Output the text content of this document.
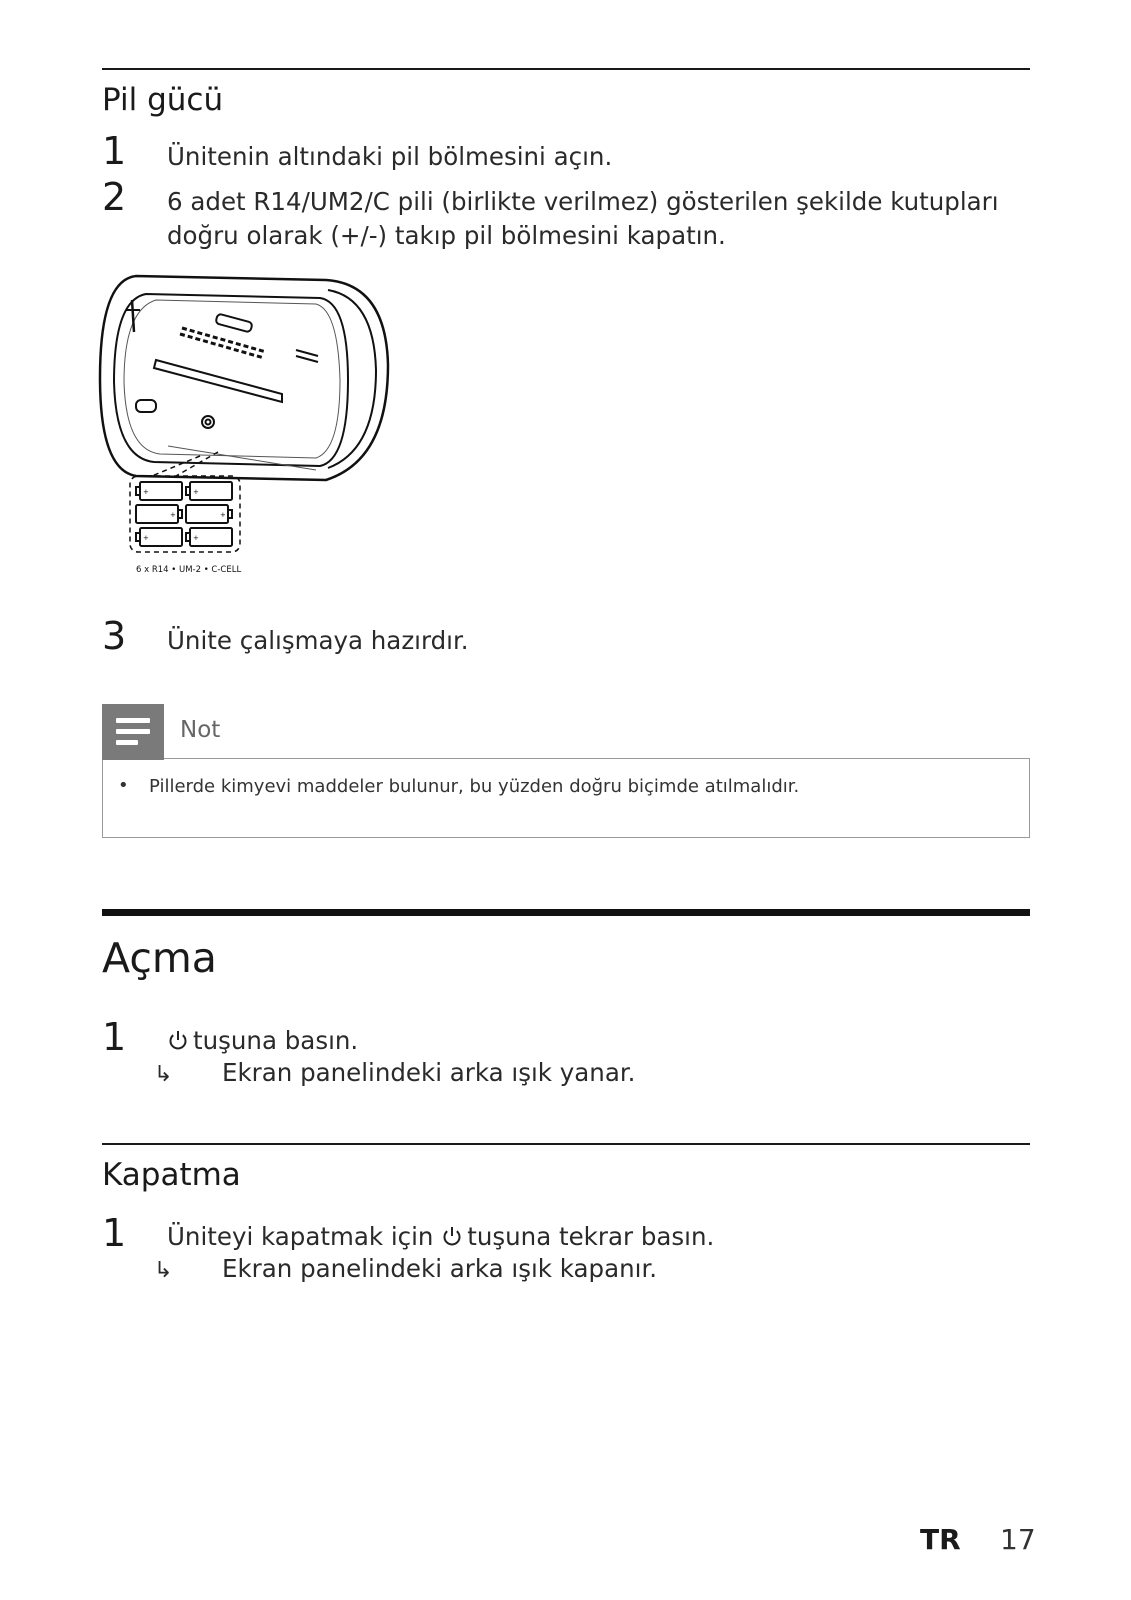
Pil gücü
1 Ünitenin altındaki pil bölmesini açın.
2 6 adet R14/UM2/C pili (birlikte verilmez) gösterilen şekilde kutupları
doğru olarak (+/-) takıp pil bölmesini kapatın.
+	+
+	+
+	+
6 x R14 • UM-2 • C-CELL
3 Ünite çalışmaya hazırdır.
Not
• Pillerde kimyevi maddeler bulunur, bu yüzden doğru biçimde atılmalıdır.
Açma
1	tuşuna basın.
↳ Ekran panelindeki arka ışık yanar.
Kapatma
1 Üniteyi kapatmak için tuşuna tekrar basın.
↳ Ekran panelindeki arka ışık kapanır.
TR 17
